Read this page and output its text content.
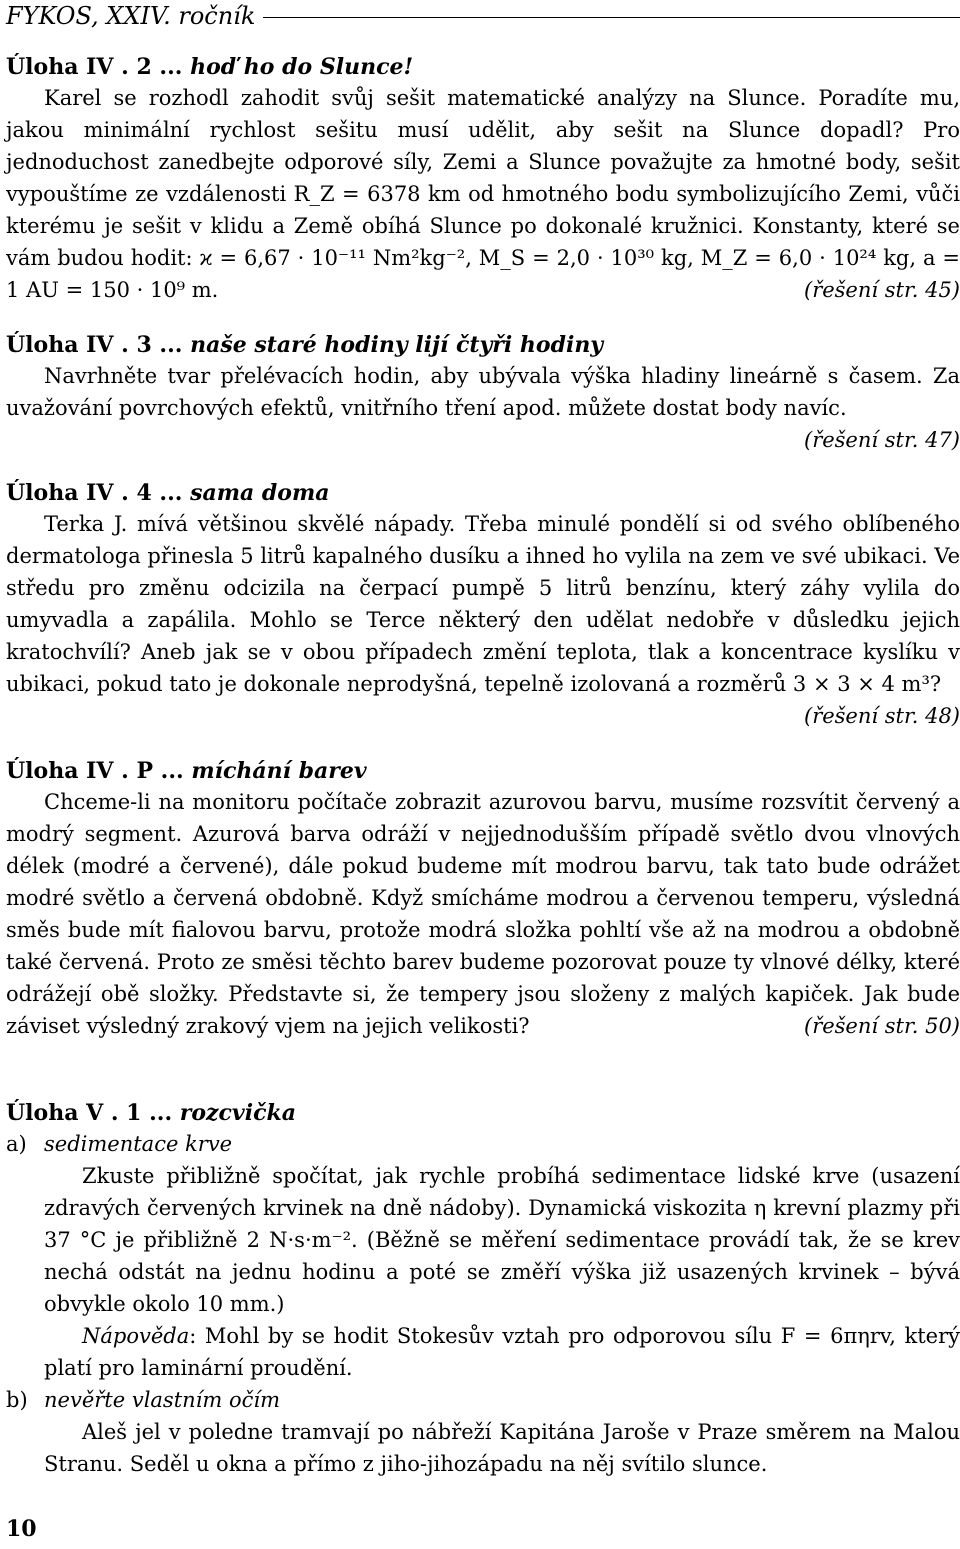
FYKOS, XXIV. ročník
Úloha IV . 2 ... hoď ho do Slunce!

Karel se rozhodl zahodit svůj sešit matematické analýzy na Slunce. Poradíte mu, jakou minimální rychlost sešitu musí udělit, aby sešit na Slunce dopadl? Pro jednoduchost zanedbejte odporové síly, Zemi a Slunce považujte za hmotné body, sešit vypouštíme ze vzdálenosti R_Z = 6378 km od hmotného bodu symbolizujícího Zemi, vůči kterému je sešit v klidu a Země obíhá Slunce po dokonalé kružnici. Konstanty, které se vám budou hodit: ϰ = 6,67 · 10⁻¹¹ Nm²kg⁻², M_S = 2,0 · 10³⁰ kg, M_Z = 6,0 · 10²⁴ kg, a = 1 AU = 150 · 10⁹ m.	(řešení str. 45)

Úloha IV . 3 ... naše staré hodiny lijí čtyři hodiny

Navrhněte tvar přelévacích hodin, aby ubývala výška hladiny lineárně s časem. Za uvažování povrchových efektů, vnitřního tření apod. můžete dostat body navíc.

(řešení str. 47)

Úloha IV . 4 ... sama doma

Terka J. mívá většinou skvělé nápady. Třeba minulé pondělí si od svého oblíbeného dermatologa přinesla 5 litrů kapalného dusíku a ihned ho vylila na zem ve své ubikaci. Ve středu pro změnu odcizila na čerpací pumpě 5 litrů benzínu, který záhy vylila do umyvadla a zapálila. Mohlo se Terce některý den udělat nedobře v důsledku jejich kratochvílí? Aneb jak se v obou případech změní teplota, tlak a koncentrace kyslíku v ubikaci, pokud tato je dokonale neprodyšná, tepelně izolovaná a rozměrů 3 × 3 × 4 m³?
(řešení str. 48)

Úloha IV . P ... míchání barev

Chceme-li na monitoru počítače zobrazit azurovou barvu, musíme rozsvítit červený a modrý segment. Azurová barva odráží v nejjednodušším případě světlo dvou vlnových délek (modré a červené), dále pokud budeme mít modrou barvu, tak tato bude odrážet modré světlo a červená obdobně. Když smícháme modrou a červenou temperu, výsledná směs bude mít fialovou barvu, protože modrá složka pohltí vše až na modrou a obdobně také červená. Proto ze směsi těchto barev budeme pozorovat pouze ty vlnové délky, které odrážejí obě složky. Představte si, že tempery jsou složeny z malých kapiček. Jak bude záviset výsledný zrakový vjem na jejich velikosti?	(řešení str. 50)

Úloha V . 1 ... rozcvička
a) sedimentace krve

Zkuste přibližně spočítat, jak rychle probíhá sedimentace lidské krve (usazení zdravých červených krvinek na dně nádoby). Dynamická viskozita η krevní plazmy při 37 °C je přibližně 2 N·s·m⁻². (Běžně se měření sedimentace provádí tak, že se krev nechá odstát na jednu hodinu a poté se změří výška již usazených krvinek – bývá obvykle okolo 10 mm.)

Nápověda: Mohl by se hodit Stokesův vztah pro odporovou sílu F = 6πηrv, který platí pro laminární proudění.

b) nevěřte vlastním očím

Aleš jel v poledne tramvají po nábřeží Kapitána Jaroše v Praze směrem na Malou Stranu. Seděl u okna a přímo z jiho-jihozápadu na něj svítilo slunce.

10
